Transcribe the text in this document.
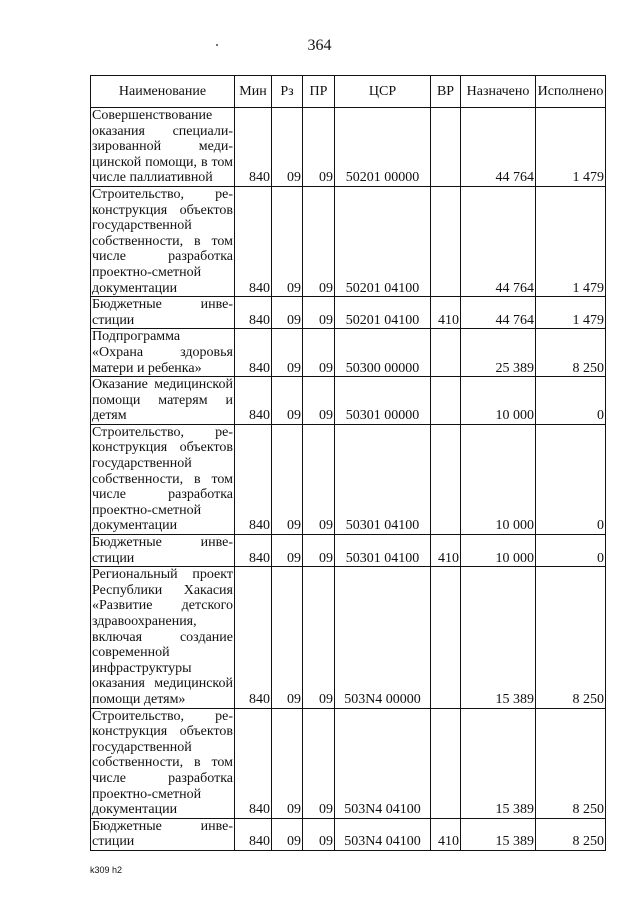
364
Наименование	Мин	Рз	ПР	ЦСР	ВР	Назначено	Исполнено
Совершенствование оказания специализированной медицинской помощи, в том числе паллиативной	840	09	09	50201 00000		44 764	1 479
Строительство, реконструкция объектов государственной собственности, в том числе разработка проектно-сметной документации	840	09	09	50201 04100		44 764	1 479
Бюджетные инвестиции	840	09	09	50201 04100	410	44 764	1 479
Подпрограмма «Охрана здоровья матери и ребенка»	840	09	09	50300 00000		25 389	8 250
Оказание медицинской помощи матерям и детям	840	09	09	50301 00000		10 000	0
Строительство, реконструкция объектов государственной собственности, в том числе разработка проектно-сметной документации	840	09	09	50301 04100		10 000	0
Бюджетные инвестиции	840	09	09	50301 04100	410	10 000	0
Региональный проект Республики Хакасия «Развитие детского здравоохранения, включая создание современной инфраструктуры оказания медицинской помощи детям»	840	09	09	503N4 00000		15 389	8 250
Строительство, реконструкция объектов государственной собственности, в том числе разработка проектно-сметной документации	840	09	09	503N4 04100		15 389	8 250
Бюджетные инвестиции	840	09	09	503N4 04100	410	15 389	8 250
k309 h2
